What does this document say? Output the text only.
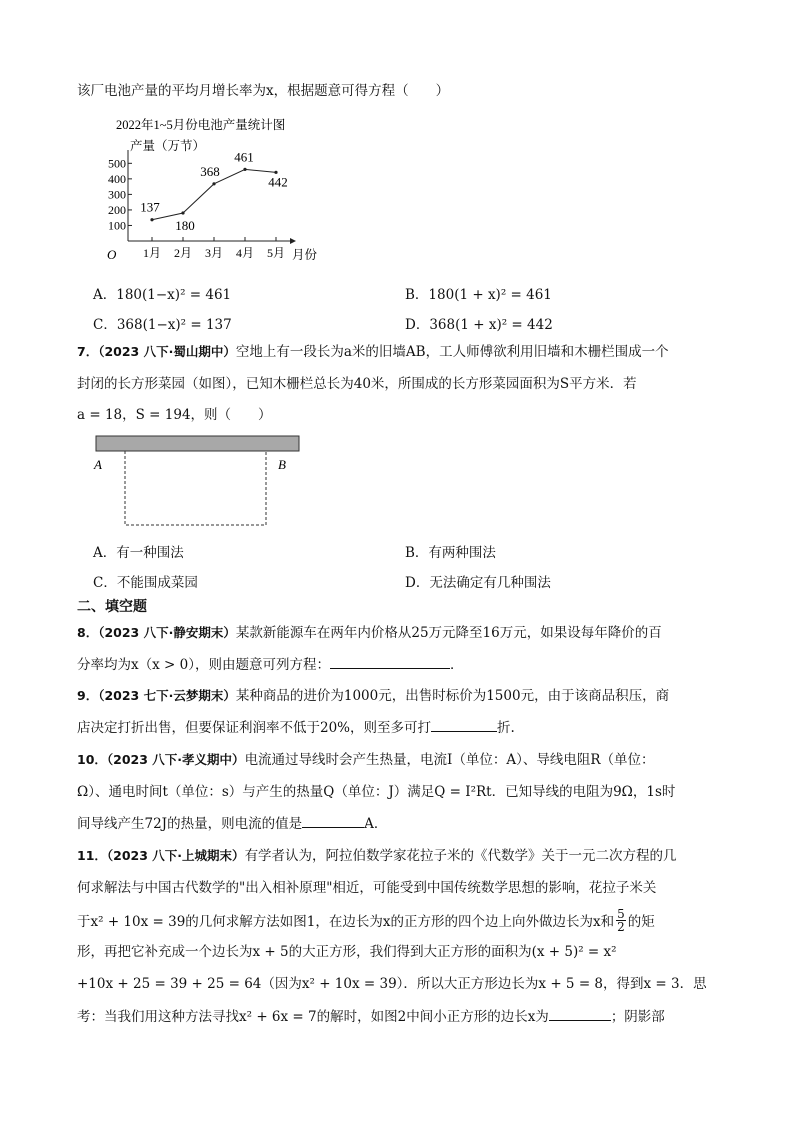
该厂电池产量的平均月增长率为x，根据题意可得方程（　　）
2022年1~5月份电池产量统计图
产量（万节）
O	月份
100
200
300
400
500
1月 2月 3月 4月 5月
137
180
368
461
442
A．180(1−x)² = 461	B．180(1 + x)² = 461
C．368(1−x)² = 137	D．368(1 + x)² = 442
7．（2023 八下·蜀山期中）空地上有一段长为a米的旧墙AB，工人师傅欲利用旧墙和木栅栏围成一个
封闭的长方形菜园（如图），已知木栅栏总长为40米，所围成的长方形菜园面积为S平方米．若
a = 18，S = 194，则（　　）
A	B
A．有一种围法	B．有两种围法
C．不能围成菜园	D．无法确定有几种围法
二、填空题
8．（2023 八下·静安期末）某款新能源车在两年内价格从25万元降至16万元，如果设每年降价的百
分率均为x（x > 0），则由题意可列方程：	．
9．（2023 七下·云梦期末）某种商品的进价为1000元，出售时标价为1500元，由于该商品积压，商
店决定打折出售，但要保证利润率不低于20%，则至多可打	折.
10．（2023 八下·孝义期中）电流通过导线时会产生热量，电流I（单位：A）、导线电阻R（单位：
Ω）、通电时间t（单位：s）与产生的热量Q（单位：J）满足Q = I²Rt．已知导线的电阻为9Ω，1s时
间导线产生72J的热量，则电流的值是	A．
11．（2023 八下·上城期末）有学者认为，阿拉伯数学家花拉子米的《代数学》关于一元二次方程的几
何求解法与中国古代数学的"出入相补原理"相近，可能受到中国传统数学思想的影响，花拉子米关
于x² + 10x = 39的几何求解方法如图1，在边长为x的正方形的四个边上向外做边长为x和 $\frac{5}{2}$ 的矩
形，再把它补充成一个边长为x + 5的大正方形，我们得到大正方形的面积为(x + 5)² = x²
+10x + 25 = 39 + 25 = 64（因为x² + 10x = 39）．所以大正方形边长为x + 5 = 8，得到x = 3．思
考：当我们用这种方法寻找x² + 6x = 7的解时，如图2中间小正方形的边长x为	；阴影部
